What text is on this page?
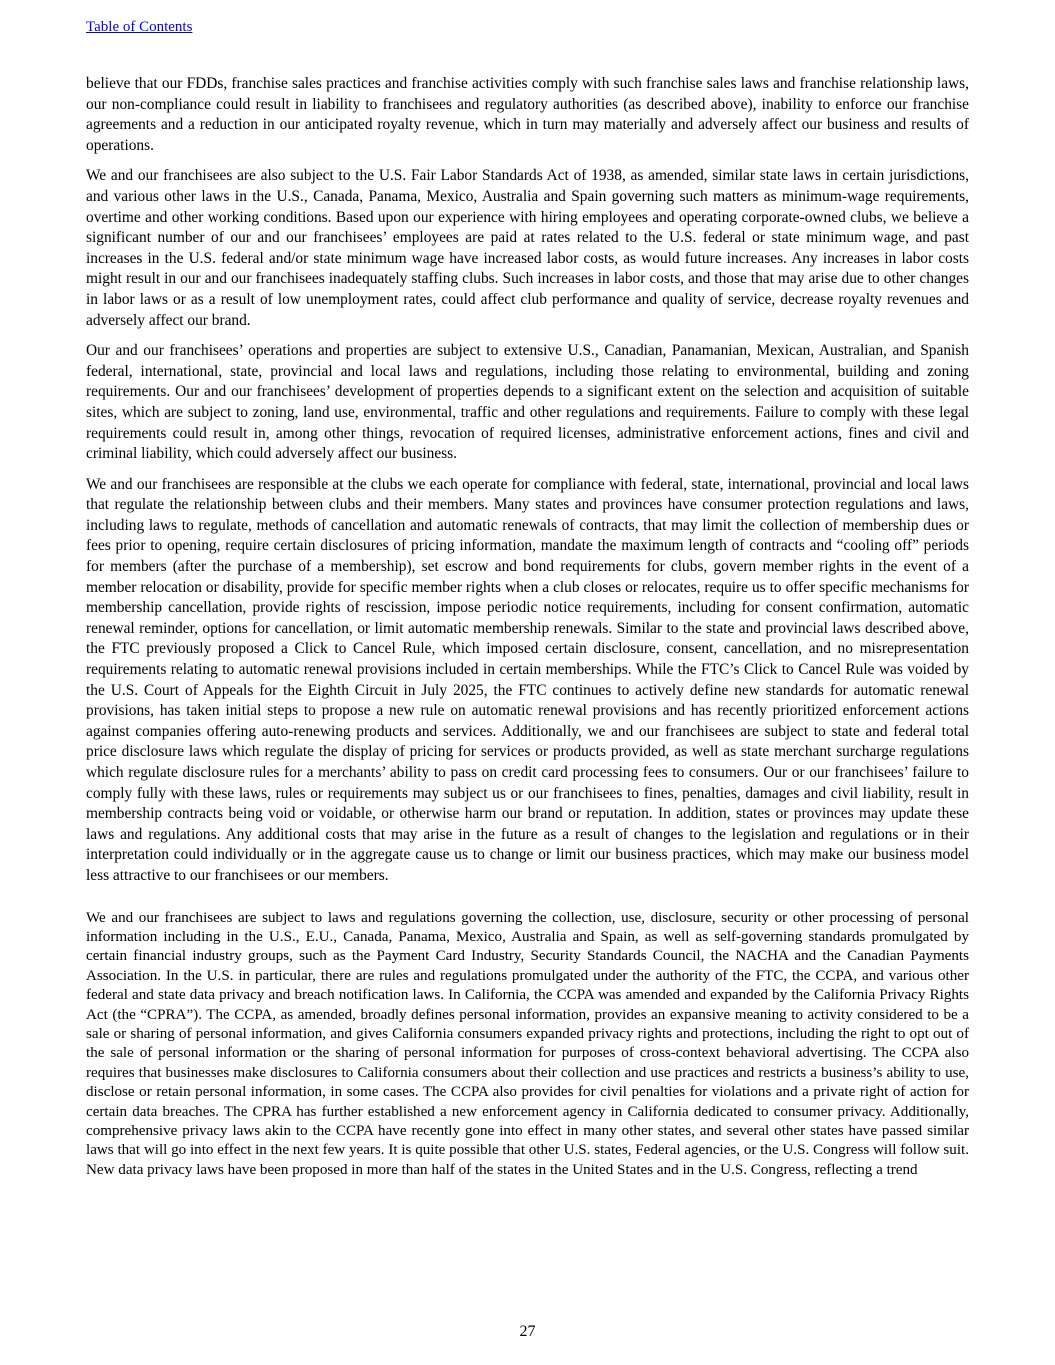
Table of Contents

believe that our FDDs, franchise sales practices and franchise activities comply with such franchise sales laws and franchise relationship laws, our non-compliance could result in liability to franchisees and regulatory authorities (as described above), inability to enforce our franchise agreements and a reduction in our anticipated royalty revenue, which in turn may materially and adversely affect our business and results of operations.

We and our franchisees are also subject to the U.S. Fair Labor Standards Act of 1938, as amended, similar state laws in certain jurisdictions, and various other laws in the U.S., Canada, Panama, Mexico, Australia and Spain governing such matters as minimum-wage requirements, overtime and other working conditions. Based upon our experience with hiring employees and operating corporate-owned clubs, we believe a significant number of our and our franchisees’ employees are paid at rates related to the U.S. federal or state minimum wage, and past increases in the U.S. federal and/or state minimum wage have increased labor costs, as would future increases. Any increases in labor costs might result in our and our franchisees inadequately staffing clubs. Such increases in labor costs, and those that may arise due to other changes in labor laws or as a result of low unemployment rates, could affect club performance and quality of service, decrease royalty revenues and adversely affect our brand.

Our and our franchisees’ operations and properties are subject to extensive U.S., Canadian, Panamanian, Mexican, Australian, and Spanish federal, international, state, provincial and local laws and regulations, including those relating to environmental, building and zoning requirements. Our and our franchisees’ development of properties depends to a significant extent on the selection and acquisition of suitable sites, which are subject to zoning, land use, environmental, traffic and other regulations and requirements. Failure to comply with these legal requirements could result in, among other things, revocation of required licenses, administrative enforcement actions, fines and civil and criminal liability, which could adversely affect our business.

We and our franchisees are responsible at the clubs we each operate for compliance with federal, state, international, provincial and local laws that regulate the relationship between clubs and their members. Many states and provinces have consumer protection regulations and laws, including laws to regulate, methods of cancellation and automatic renewals of contracts, that may limit the collection of membership dues or fees prior to opening, require certain disclosures of pricing information, mandate the maximum length of contracts and “cooling off” periods for members (after the purchase of a membership), set escrow and bond requirements for clubs, govern member rights in the event of a member relocation or disability, provide for specific member rights when a club closes or relocates, require us to offer specific mechanisms for membership cancellation, provide rights of rescission, impose periodic notice requirements, including for consent confirmation, automatic renewal reminder, options for cancellation, or limit automatic membership renewals. Similar to the state and provincial laws described above, the FTC previously proposed a Click to Cancel Rule, which imposed certain disclosure, consent, cancellation, and no misrepresentation requirements relating to automatic renewal provisions included in certain memberships. While the FTC’s Click to Cancel Rule was voided by the U.S. Court of Appeals for the Eighth Circuit in July 2025, the FTC continues to actively define new standards for automatic renewal provisions, has taken initial steps to propose a new rule on automatic renewal provisions and has recently prioritized enforcement actions against companies offering auto-renewing products and services. Additionally, we and our franchisees are subject to state and federal total price disclosure laws which regulate the display of pricing for services or products provided, as well as state merchant surcharge regulations which regulate disclosure rules for a merchants’ ability to pass on credit card processing fees to consumers. Our or our franchisees’ failure to comply fully with these laws, rules or requirements may subject us or our franchisees to fines, penalties, damages and civil liability, result in membership contracts being void or voidable, or otherwise harm our brand or reputation. In addition, states or provinces may update these laws and regulations. Any additional costs that may arise in the future as a result of changes to the legislation and regulations or in their interpretation could individually or in the aggregate cause us to change or limit our business practices, which may make our business model less attractive to our franchisees or our members.

We and our franchisees are subject to laws and regulations governing the collection, use, disclosure, security or other processing of personal information including in the U.S., E.U., Canada, Panama, Mexico, Australia and Spain, as well as self-governing standards promulgated by certain financial industry groups, such as the Payment Card Industry, Security Standards Council, the NACHA and the Canadian Payments Association. In the U.S. in particular, there are rules and regulations promulgated under the authority of the FTC, the CCPA, and various other federal and state data privacy and breach notification laws. In California, the CCPA was amended and expanded by the California Privacy Rights Act (the “CPRA”). The CCPA, as amended, broadly defines personal information, provides an expansive meaning to activity considered to be a sale or sharing of personal information, and gives California consumers expanded privacy rights and protections, including the right to opt out of the sale of personal information or the sharing of personal information for purposes of cross-context behavioral advertising. The CCPA also requires that businesses make disclosures to California consumers about their collection and use practices and restricts a business’s ability to use, disclose or retain personal information, in some cases. The CCPA also provides for civil penalties for violations and a private right of action for certain data breaches. The CPRA has further established a new enforcement agency in California dedicated to consumer privacy. Additionally, comprehensive privacy laws akin to the CCPA have recently gone into effect in many other states, and several other states have passed similar laws that will go into effect in the next few years. It is quite possible that other U.S. states, Federal agencies, or the U.S. Congress will follow suit. New data privacy laws have been proposed in more than half of the states in the United States and in the U.S. Congress, reflecting a trend

27
